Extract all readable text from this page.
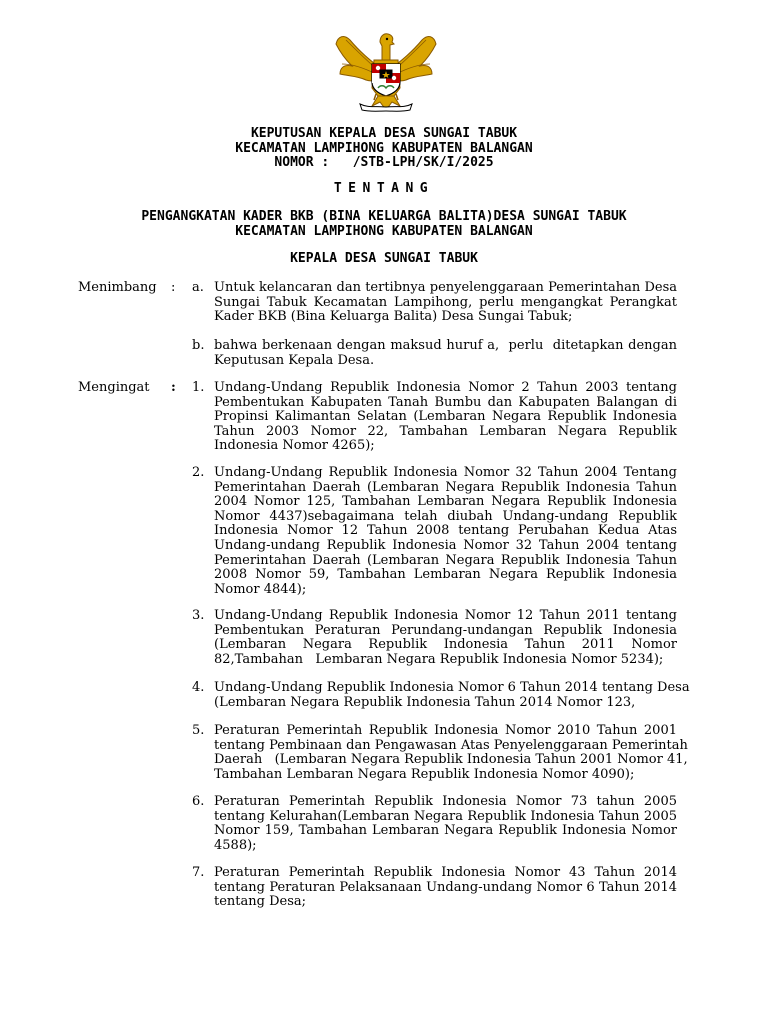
KEPUTUSAN KEPALA DESA SUNGAI TABUK
KECAMATAN LAMPIHONG KABUPATEN BALANGAN
NOMOR :   /STB-LPH/SK/I/2025
TENTANG
PENGANGKATAN KADER BKB (BINA KELUARGA BALITA)DESA SUNGAI TABUK
KECAMATAN LAMPIHONG KABUPATEN BALANGAN
KEPALA DESA SUNGAI TABUK
Menimbang : a. Untuk kelancaran dan tertibnya penyelenggaraan Pemerintahan Desa
Sungai Tabuk Kecamatan Lampihong, perlu mengangkat Perangkat
Kader BKB (Bina Keluarga Balita) Desa Sungai Tabuk;
b. bahwa berkenaan dengan maksud huruf a,  perlu  ditetapkan dengan
Keputusan Kepala Desa.
Mengingat : 1. Undang-Undang Republik Indonesia Nomor 2 Tahun 2003 tentang
Pembentukan Kabupaten Tanah Bumbu dan Kabupaten Balangan di
Propinsi Kalimantan Selatan (Lembaran Negara Republik Indonesia
Tahun 2003 Nomor 22, Tambahan Lembaran Negara Republik
Indonesia Nomor 4265);
2. Undang-Undang Republik Indonesia Nomor 32 Tahun 2004 Tentang
Pemerintahan Daerah (Lembaran Negara Republik Indonesia Tahun
2004 Nomor 125, Tambahan Lembaran Negara Republik Indonesia
Nomor 4437)sebagaimana telah diubah Undang-undang Republik
Indonesia Nomor 12 Tahun 2008 tentang Perubahan Kedua Atas
Undang-undang Republik Indonesia Nomor 32 Tahun 2004 tentang
Pemerintahan Daerah (Lembaran Negara Republik Indonesia Tahun
2008 Nomor 59, Tambahan Lembaran Negara Republik Indonesia
Nomor 4844);
3. Undang-Undang Republik Indonesia Nomor 12 Tahun 2011 tentang
Pembentukan Peraturan Perundang-undangan Republik Indonesia
(Lembaran Negara Republik Indonesia Tahun 2011 Nomor
82,Tambahan   Lembaran Negara Republik Indonesia Nomor 5234);
4. Undang-Undang Republik Indonesia Nomor 6 Tahun 2014 tentang Desa
(Lembaran Negara Republik Indonesia Tahun 2014 Nomor 123,
5. Peraturan Pemerintah Republik Indonesia Nomor 2010 Tahun 2001
tentang Pembinaan dan Pengawasan Atas Penyelenggaraan Pemerintah
Daerah   (Lembaran Negara Republik Indonesia Tahun 2001 Nomor 41,
Tambahan Lembaran Negara Republik Indonesia Nomor 4090);
6. Peraturan Pemerintah Republik Indonesia Nomor 73 tahun 2005
tentang Kelurahan(Lembaran Negara Republik Indonesia Tahun 2005
Nomor 159, Tambahan Lembaran Negara Republik Indonesia Nomor
4588);
7. Peraturan Pemerintah Republik Indonesia Nomor 43 Tahun 2014
tentang Peraturan Pelaksanaan Undang-undang Nomor 6 Tahun 2014
tentang Desa;
